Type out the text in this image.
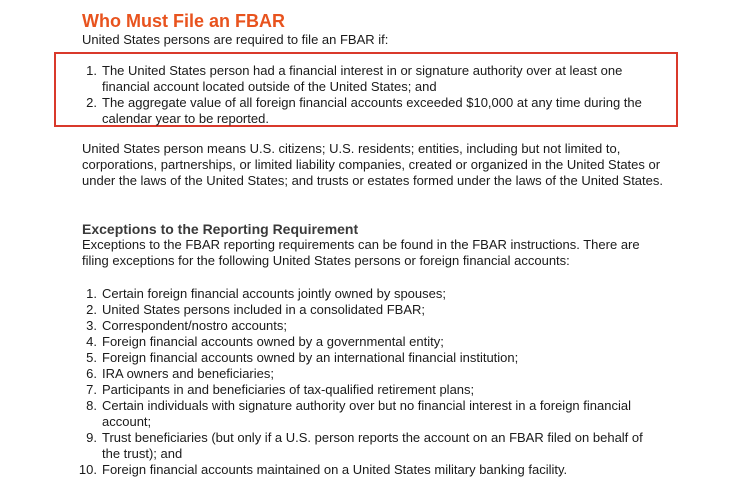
Who Must File an FBAR

United States persons are required to file an FBAR if:

1. The United States person had a financial interest in or signature authority over at least one financial account located outside of the United States; and
2. The aggregate value of all foreign financial accounts exceeded $10,000 at any time during the calendar year to be reported.

United States person means U.S. citizens; U.S. residents; entities, including but not limited to, corporations, partnerships, or limited liability companies, created or organized in the United States or under the laws of the United States; and trusts or estates formed under the laws of the United States.

Exceptions to the Reporting Requirement

Exceptions to the FBAR reporting requirements can be found in the FBAR instructions. There are filing exceptions for the following United States persons or foreign financial accounts:

1. Certain foreign financial accounts jointly owned by spouses;
2. United States persons included in a consolidated FBAR;
3. Correspondent/nostro accounts;
4. Foreign financial accounts owned by a governmental entity;
5. Foreign financial accounts owned by an international financial institution;
6. IRA owners and beneficiaries;
7. Participants in and beneficiaries of tax-qualified retirement plans;
8. Certain individuals with signature authority over but no financial interest in a foreign financial account;
9. Trust beneficiaries (but only if a U.S. person reports the account on an FBAR filed on behalf of the trust); and
10. Foreign financial accounts maintained on a United States military banking facility.
